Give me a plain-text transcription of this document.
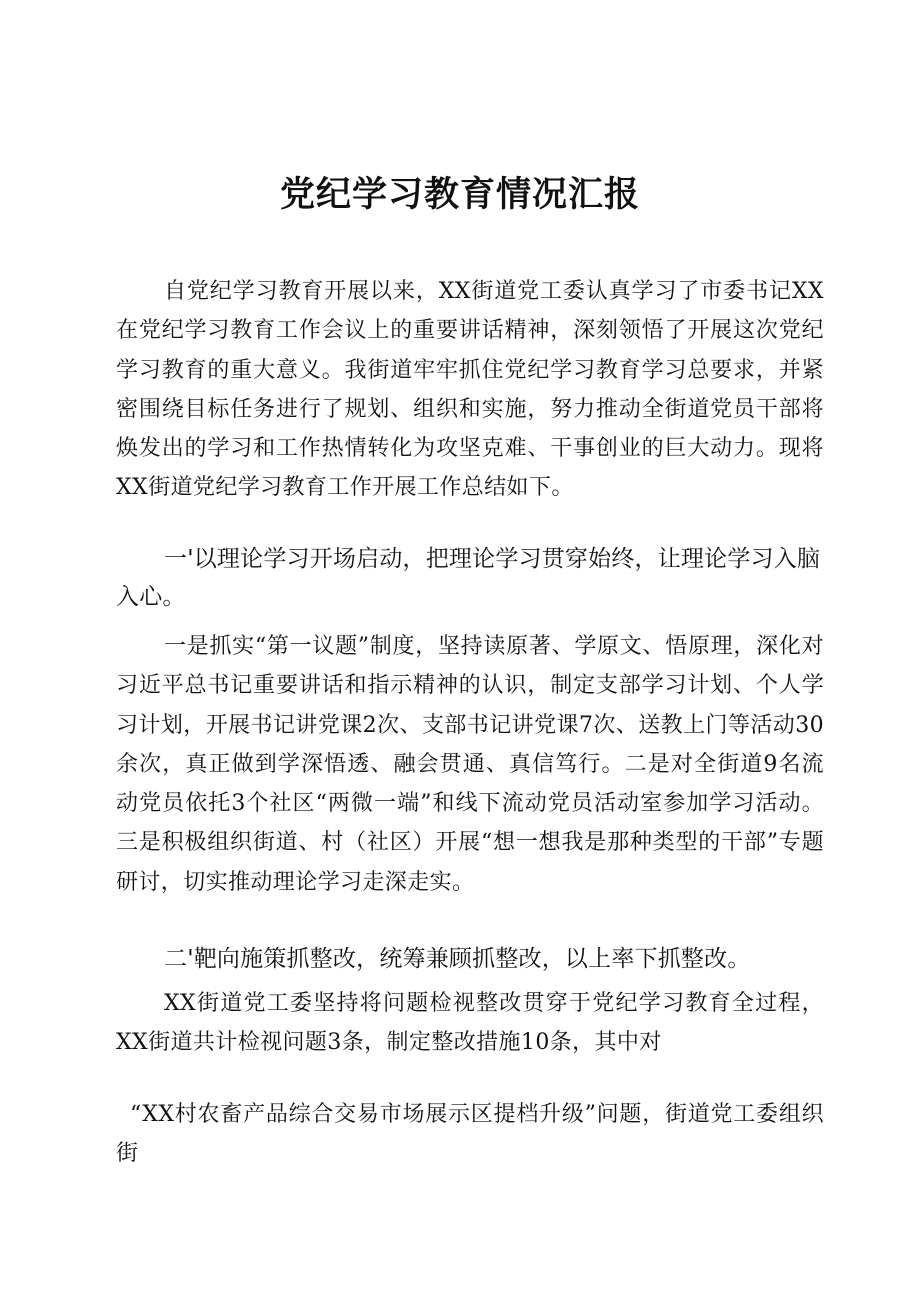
党纪学习教育情况汇报

自党纪学习教育开展以来，XX街道党工委认真学习了市委书记XX在党纪学习教育工作会议上的重要讲话精神，深刻领悟了开展这次党纪学习教育的重大意义。我街道牢牢抓住党纪学习教育学习总要求，并紧密围绕目标任务进行了规划、组织和实施，努力推动全街道党员干部将焕发出的学习和工作热情转化为攻坚克难、干事创业的巨大动力。现将XX街道党纪学习教育工作开展工作总结如下。

一'以理论学习开场启动，把理论学习贯穿始终，让理论学习入脑入心。

一是抓实“第一议题”制度，坚持读原著、学原文、悟原理，深化对习近平总书记重要讲话和指示精神的认识，制定支部学习计划、个人学习计划，开展书记讲党课2次、支部书记讲党课7次、送教上门等活动30余次，真正做到学深悟透、融会贯通、真信笃行。二是对全街道9名流动党员依托3个社区“两微一端”和线下流动党员活动室参加学习活动。三是积极组织街道、村（社区）开展“想一想我是那种类型的干部”专题研讨，切实推动理论学习走深走实。

二'靶向施策抓整改，统筹兼顾抓整改，以上率下抓整改。

XX街道党工委坚持将问题检视整改贯穿于党纪学习教育全过程，XX街道共计检视问题3条，制定整改措施10条，其中对

“XX村农畜产品综合交易市场展示区提档升级”问题，街道党工委组织街
